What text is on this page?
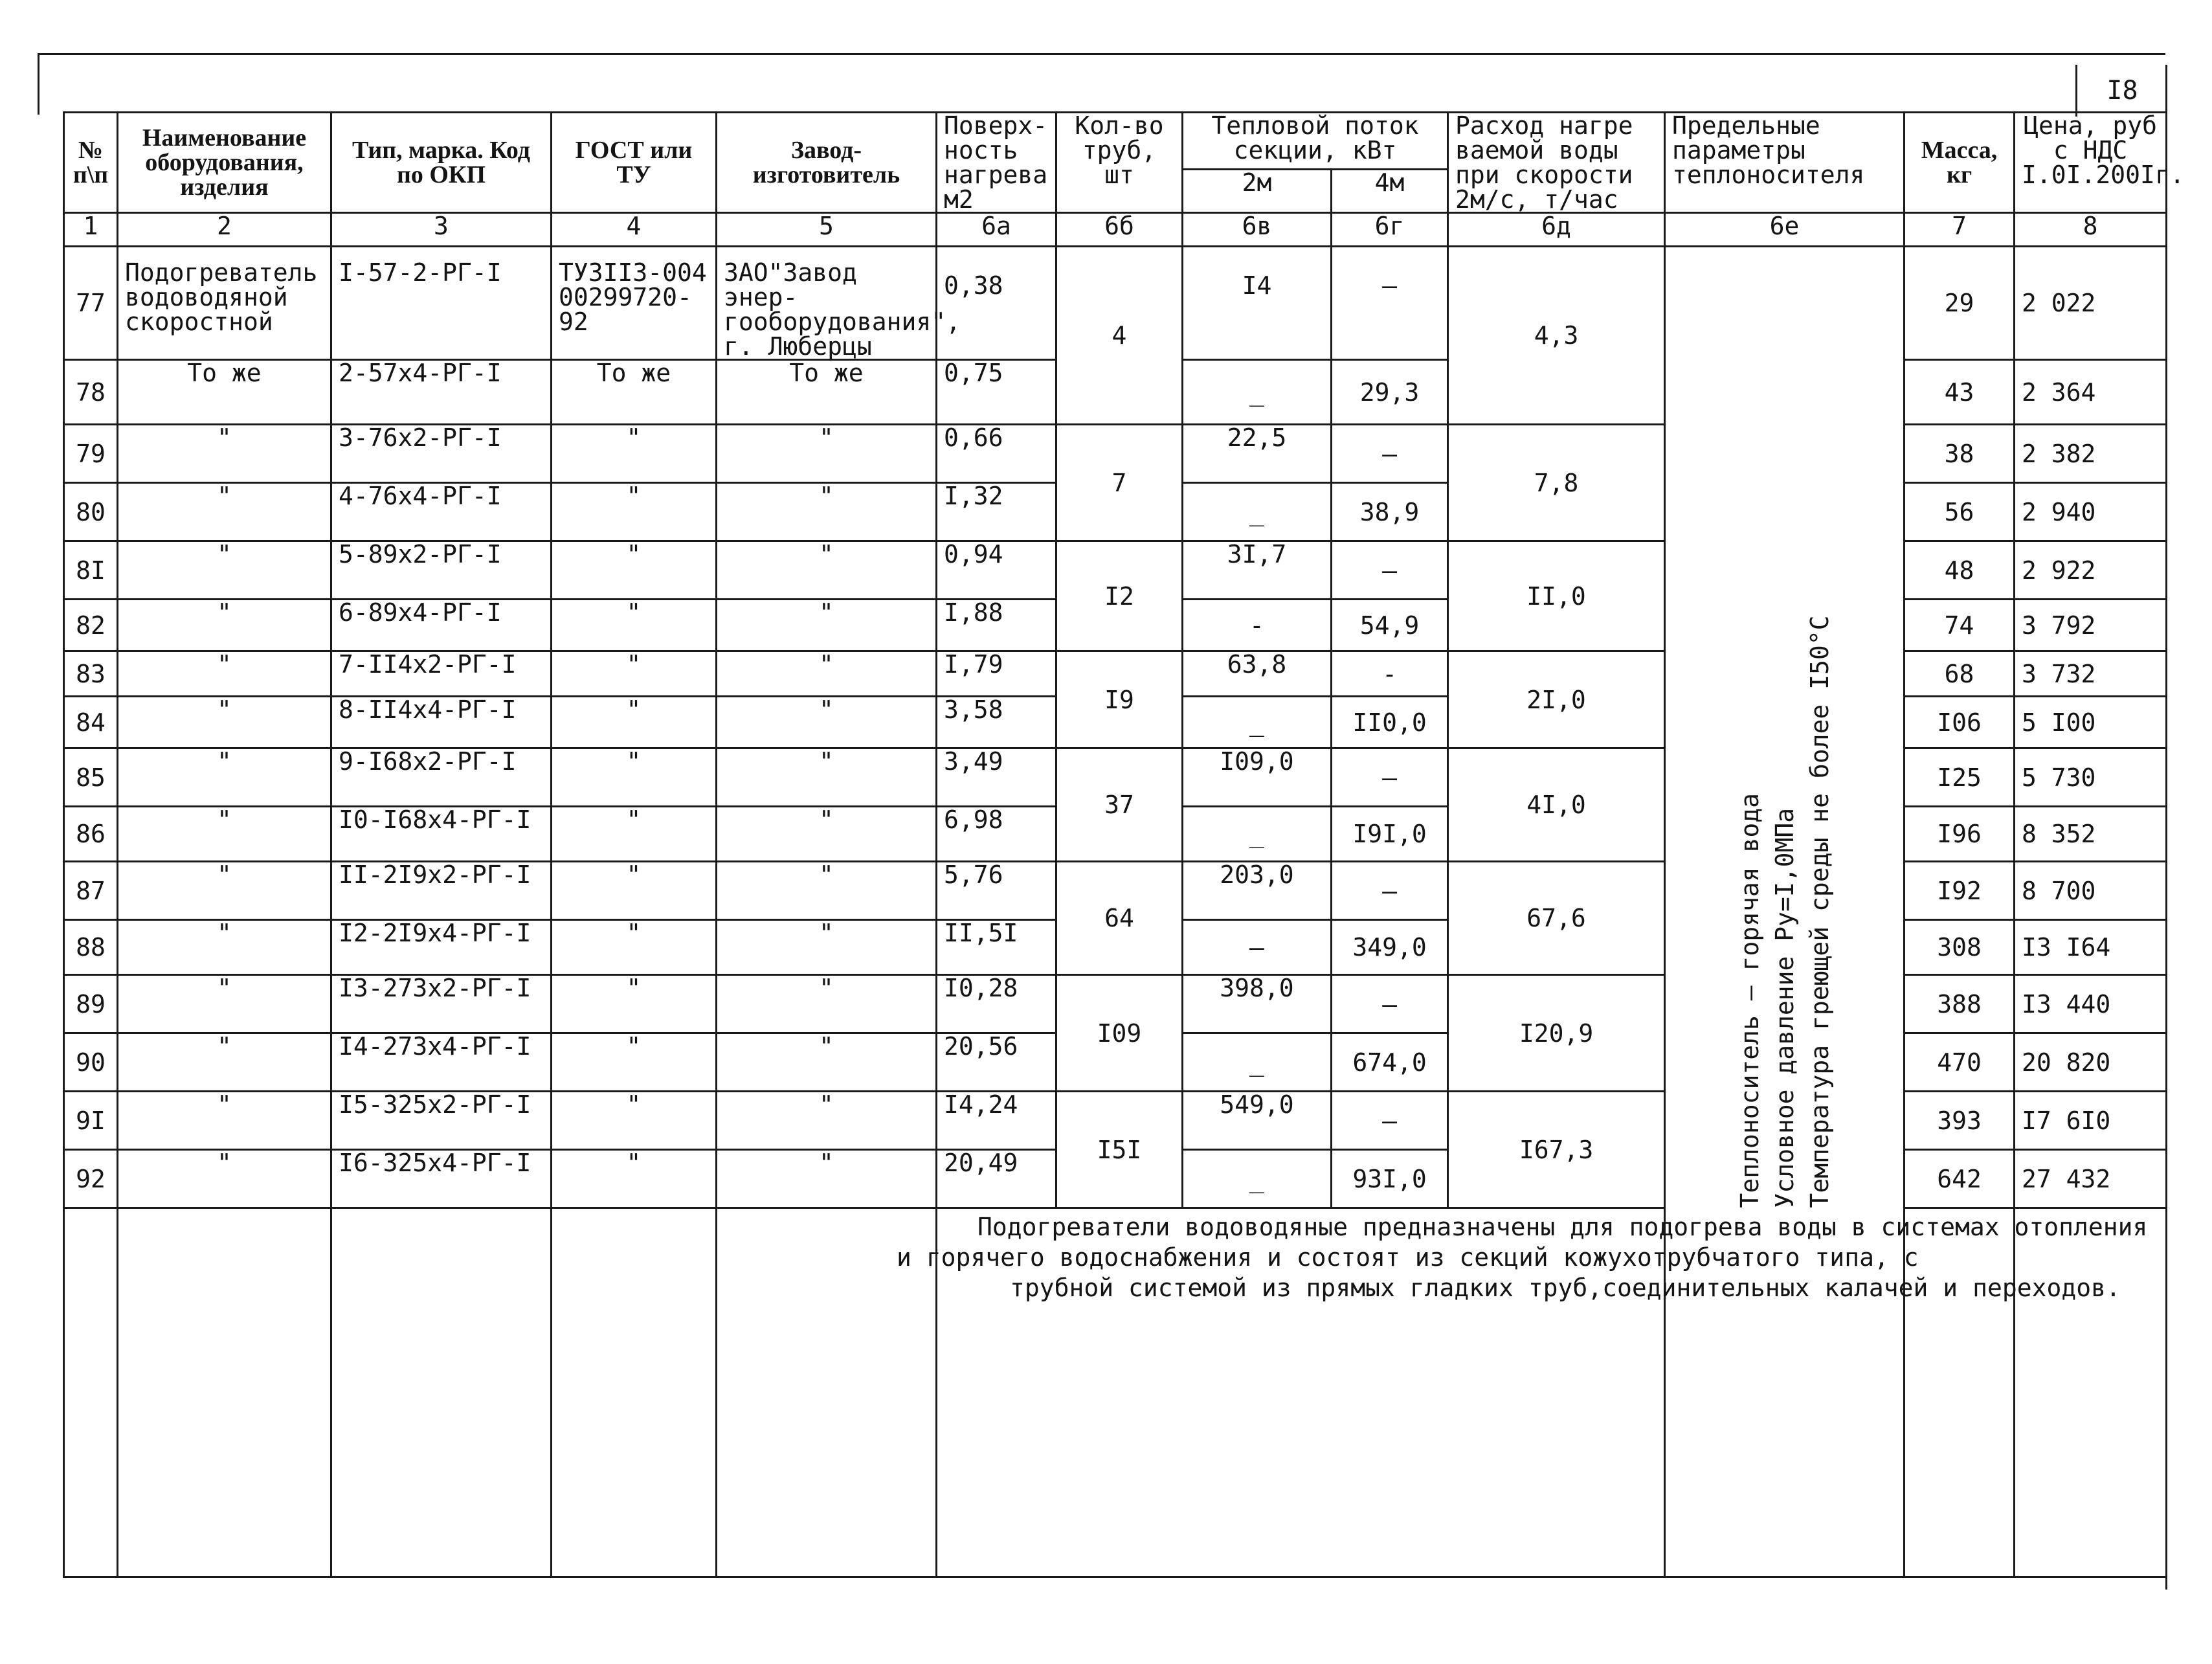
I8
№ п\п	Наименование оборудования, изделия	Тип, марка. Код по ОКП	ГОСТ или ТУ	Завод-изготовитель	Поверх-ность нагрева м2	Кол-во труб, шт	Тепловой поток секции, кВт		Расход нагре ваемой воды при скорости 2м/с, т/час	Предельные параметры теплоносителя	Масса, кг	Цена, руб с НДС I.0I.200Iг.
							2м	4м				
1	2	3	4	5	6а	6б	6в	6г	6д	6е	7	8
77	Подогреватель водоводяной скоростной	I-57-2-РГ-I	ТУ3II3-004 00299720-92	ЗАО"Завод энер-гооборудования", г. Люберцы	0,38	4	I4	–	4,3	Теплоноситель – горячая вода Условное давление Ру=I,0МПа Температура греющей среды не более I50°С	29	2 022
78	То же	2-57х4-РГ-I	То же	То же	0,75		_	29,3			43	2 364
79	"	3-76х2-РГ-I	"	"	0,66	7	22,5	–	7,8		38	2 382
80	"	4-76х4-РГ-I	"	"	I,32		_	38,9			56	2 940
8I	"	5-89х2-РГ-I	"	"	0,94	I2	3I,7	–	II,0		48	2 922
82	"	6-89х4-РГ-I	"	"	I,88		-	54,9			74	3 792
83	"	7-II4х2-РГ-I	"	"	I,79	I9	63,8	-	2I,0		68	3 732
84	"	8-II4х4-РГ-I	"	"	3,58		_	II0,0			I06	5 I00
85	"	9-I68х2-РГ-I	"	"	3,49	37	I09,0	–	4I,0		I25	5 730
86	"	I0-I68х4-РГ-I	"	"	6,98		_	I9I,0			I96	8 352
87	"	II-2I9х2-РГ-I	"	"	5,76	64	203,0	–	67,6		I92	8 700
88	"	I2-2I9х4-РГ-I	"	"	II,5I		–	349,0			308	I3 I64
89	"	I3-273х2-РГ-I	"	"	I0,28	I09	398,0	–	I20,9		388	I3 440
90	"	I4-273х4-РГ-I	"	"	20,56		_	674,0			470	20 820
9I	"	I5-325х2-РГ-I	"	"	I4,24	I5I	549,0	–	I67,3		393	I7 6I0
92	"	I6-325х4-РГ-I	"	"	20,49		_	93I,0			642	27 432

Подогреватели водоводяные предназначены для подогрева воды в системах отопления
и горячего водоснабжения и состоят из секций кожухотрубчатого типа, с
трубной системой из прямых гладких труб,соединительных калачей и переходов.
